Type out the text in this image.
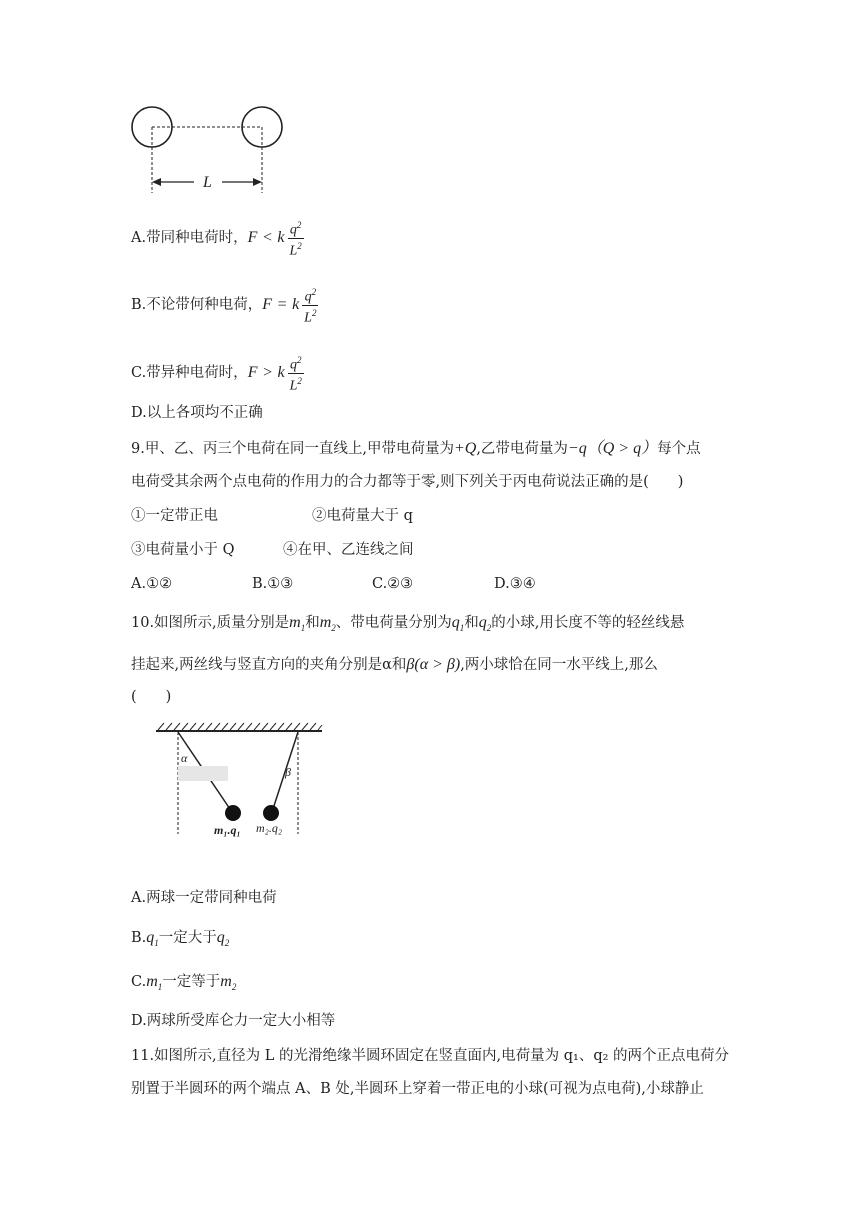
L
A.带同种电荷时，F < k $\frac{q^2}{L^2}$
B.不论带何种电荷，F = k $\frac{q^2}{L^2}$
C.带异种电荷时，F > k $\frac{q^2}{L^2}$
D.以上各项均不正确
9.甲、乙、丙三个电荷在同一直线上,甲带电荷量为+Q,乙带电荷量为−q（Q > q）每个点
电荷受其余两个点电荷的作用力的合力都等于零,则下列关于丙电荷说法正确的是(　　)
①一定带正电	②电荷量大于 q
③电荷量小于 Q	④在甲、乙连线之间
A.①②	B.①③	C.②③	D.③④
10.如图所示,质量分别是$m_1$和$m_2$、带电荷量分别为$q_1$和$q_2$的小球,用长度不等的轻丝线悬
挂起来,两丝线与竖直方向的夹角分别是α和β(α > β),两小球恰在同一水平线上,那么
(　　)
α
β
m₁.q₁ m₂.q₂
A.两球一定带同种电荷
$B.q_1$一定大于$q_2$
$C.m_1$一定等于$m_2$
D.两球所受库仑力一定大小相等
11.如图所示,直径为 L 的光滑绝缘半圆环固定在竖直面内,电荷量为 q₁、q₂ 的两个正点电荷分
别置于半圆环的两个端点 A、B 处,半圆环上穿着一带正电的小球(可视为点电荷),小球静止
